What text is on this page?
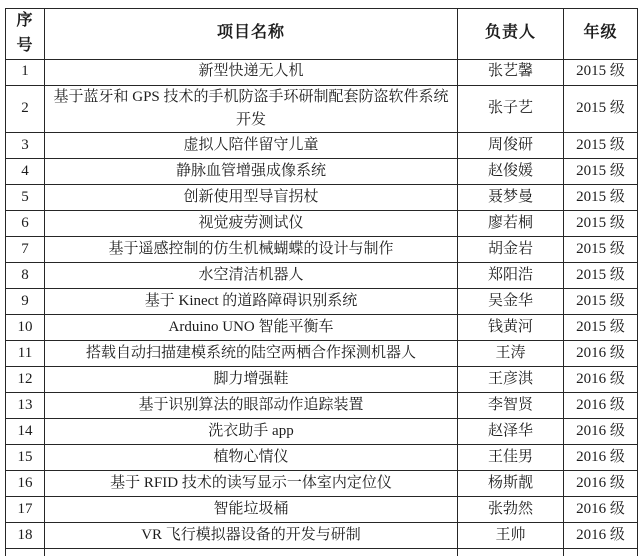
序号	项目名称	负责人	年级
1	新型快递无人机	张艺馨	2015 级
2	基于蓝牙和 GPS 技术的手机防盗手环研制配套防盗软件系统开发	张子艺	2015 级
3	虚拟人陪伴留守儿童	周俊研	2015 级
4	静脉血管增强成像系统	赵俊媛	2015 级
5	创新使用型导盲拐杖	聂梦曼	2015 级
6	视觉疲劳测试仪	廖若桐	2015 级
7	基于遥感控制的仿生机械蝴蝶的设计与制作	胡金岩	2015 级
8	水空清洁机器人	郑阳浩	2015 级
9	基于 Kinect 的道路障碍识别系统	吴金华	2015 级
10	Arduino UNO 智能平衡车	钱黄河	2015 级
11	搭载自动扫描建模系统的陆空两栖合作探测机器人	王涛	2016 级
12	脚力增强鞋	王彦淇	2016 级
13	基于识别算法的眼部动作追踪装置	李智贤	2016 级
14	洗衣助手 app	赵泽华	2016 级
15	植物心情仪	王佳男	2016 级
16	基于 RFID 技术的读写显示一体室内定位仪	杨斯靓	2016 级
17	智能垃圾桶	张勃然	2016 级
18	VR 飞行模拟器设备的开发与研制	王帅	2016 级
